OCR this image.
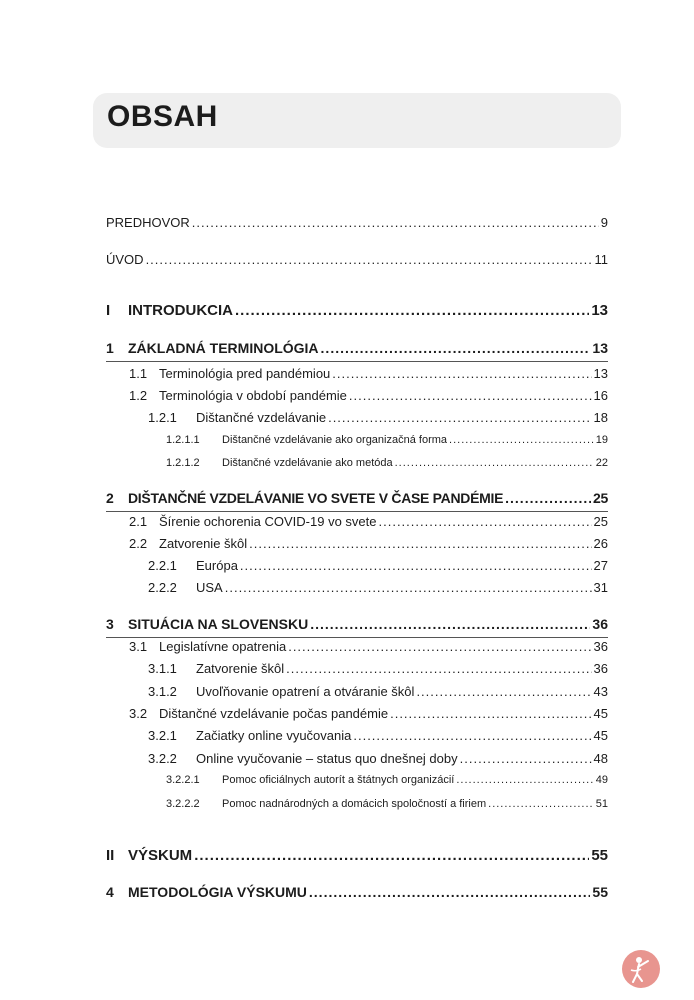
OBSAH
PREDHOVOR .....	9
ÚVOD .....	11
I INTRODUKCIA .....	13
1 ZÁKLADNÁ TERMINOLÓGIA .....	13
1.1 Terminológia pred pandémiou .....	13
1.2 Terminológia v období pandémie .....	16
1.2.1 Dištančné vzdelávanie .....	18
1.2.1.1 Dištančné vzdelávanie ako organizačná forma .....	19
1.2.1.2 Dištančné vzdelávanie ako metóda .....	22
2 DIŠTANČNÉ VZDELÁVANIE VO SVETE V ČASE PANDÉMIE .....	25
2.1 Šírenie ochorenia COVID-19 vo svete .....	25
2.2 Zatvorenie škôl .....	26
2.2.1 Európa .....	27
2.2.2 USA .....	31
3 SITUÁCIA NA SLOVENSKU .....	36
3.1 Legislatívne opatrenia .....	36
3.1.1 Zatvorenie škôl .....	36
3.1.2 Uvoľňovanie opatrení a otváranie škôl .....	43
3.2 Dištančné vzdelávanie počas pandémie .....	45
3.2.1 Začiatky online vyučovania .....	45
3.2.2 Online vyučovanie – status quo dnešnej doby .....	48
3.2.2.1 Pomoc oficiálnych autorít a štátnych organizácií .....	49
3.2.2.2 Pomoc nadnárodných a domácich spoločností a firiem .....	51
II VÝSKUM .....	55
4 METODOLÓGIA VÝSKUMU .....	55
